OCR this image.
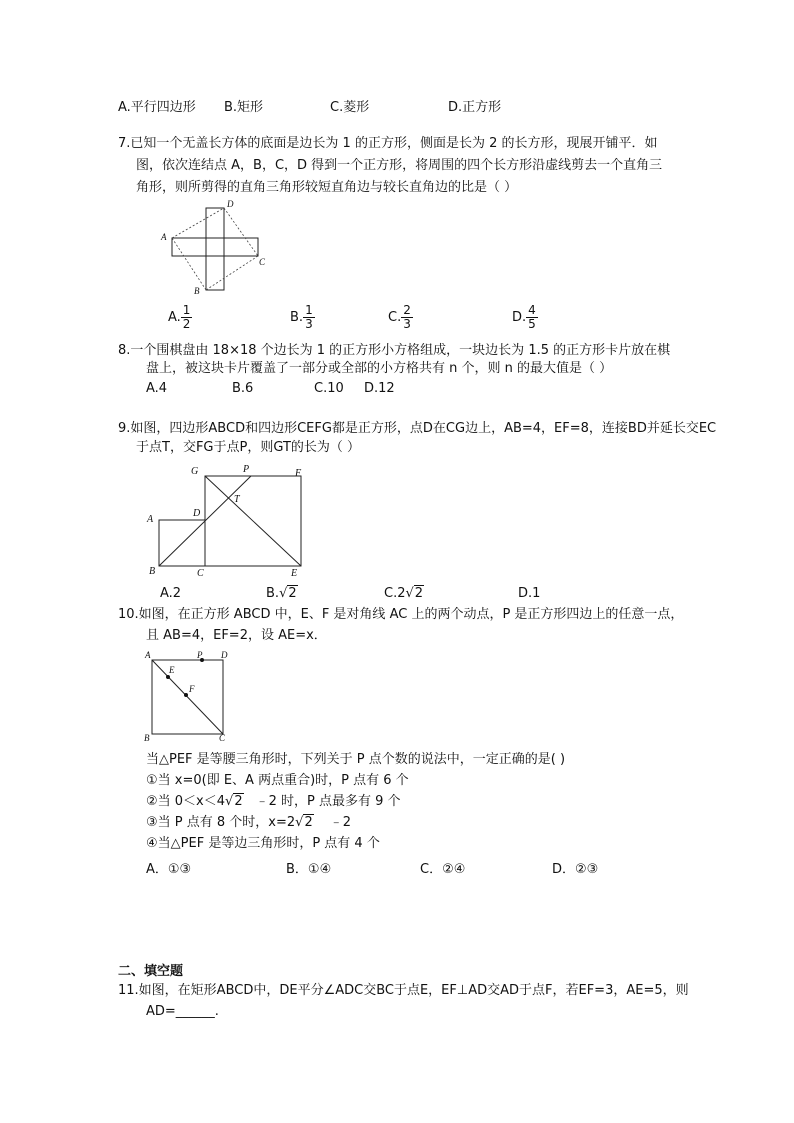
A.平行四边形 B.矩形	C.菱形	D.正方形
7.已知一个无盖长方体的底面是边长为 1 的正方形，侧面是长为 2 的长方形，现展开铺平．如
图，依次连结点 A，B，C，D 得到一个正方形，将周围的四个长方形沿虚线剪去一个直角三
角形，则所剪得的直角三角形较短直角边与较长直角边的比是（ ）
A
B
C
D
A. $\frac{1}{2}$	B. $\frac{1}{3}$	C. $\frac{2}{3}$	D. $\frac{4}{5}$
8.一个围棋盘由 18×18 个边长为 1 的正方形小方格组成，一块边长为 1.5 的正方形卡片放在棋
盘上，被这块卡片覆盖了一部分或全部的小方格共有 n 个，则 n 的最大值是（ ）
A.4	B.6	C.10 D.12
9.如图，四边形ABCD和四边形CEFG都是正方形，点D在CG边上，AB=4，EF=8，连接BD并延长交EC
于点T，交FG于点P，则GT的长为（ ）
G	P	F
T
A
D
B	C	E
A.2	B.√2	C.2√2	D.1
10.如图，在正方形 ABCD 中，E、F 是对角线 AC 上的两个动点，P 是正方形四边上的任意一点，
且 AB=4，EF=2，设 AE=x．
A	P D
E
F
B	C
当△PEF 是等腰三角形时，下列关于 P 点个数的说法中，一定正确的是( )
①当 x=0(即 E、A 两点重合)时，P 点有 6 个
②当 0＜x＜4√2 ﹣2 时，P 点最多有 9 个
③当 P 点有 8 个时，x=2√2 ﹣2
④当△PEF 是等边三角形时，P 点有 4 个
A．①③	B．①④	C．②④	D．②③
二、填空题
11.如图，在矩形ABCD中，DE平分∠ADC交BC于点E，EF⊥AD交AD于点F，若EF=3，AE=5，则
AD=______.
